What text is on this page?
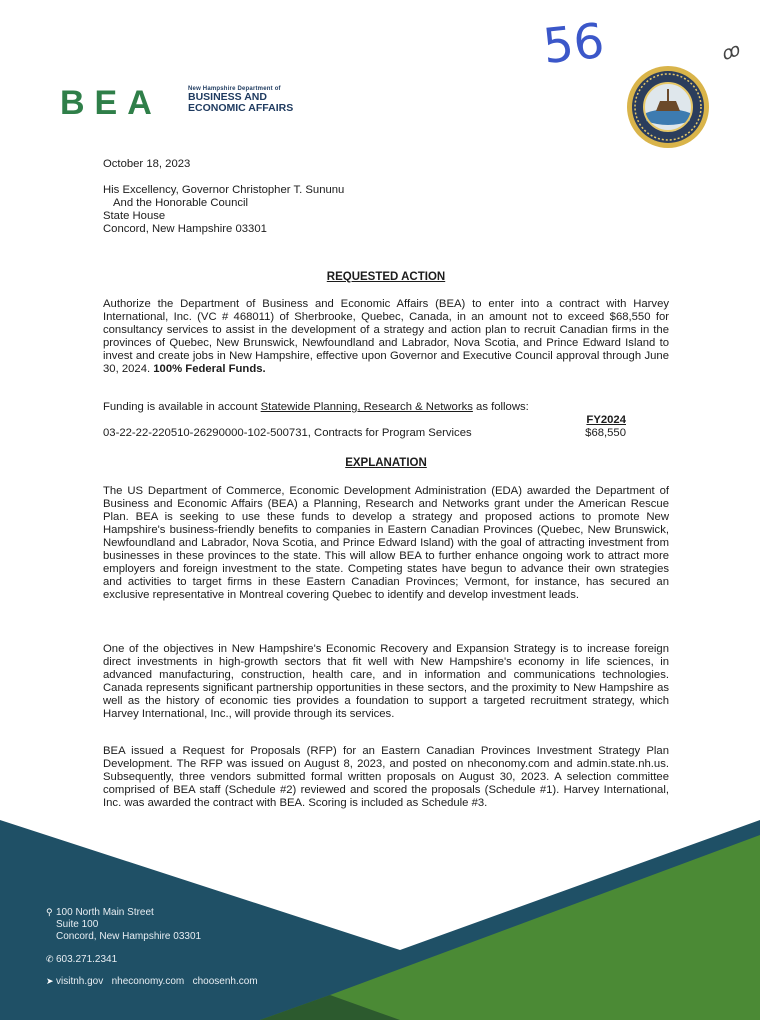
BEA	New Hampshire Department of
BUSINESS AND
ECONOMIC AFFAIRS
56	ꝏ
October 18, 2023
His Excellency, Governor Christopher T. Sununu
And the Honorable Council
State House
Concord, New Hampshire 03301
REQUESTED ACTION
Authorize the Department of Business and Economic Affairs (BEA) to enter into a contract with Harvey International, Inc. (VC # 468011) of Sherbrooke, Quebec, Canada, in an amount not to exceed $68,550 for consultancy services to assist in the development of a strategy and action plan to recruit Canadian firms in the provinces of Quebec, New Brunswick, Newfoundland and Labrador, Nova Scotia, and Prince Edward Island to invest and create jobs in New Hampshire, effective upon Governor and Executive Council approval through June 30, 2024. 100% Federal Funds.
Funding is available in account Statewide Planning, Research & Networks as follows:
03-22-22-220510-26290000-102-500731, Contracts for Program Services
FY2024
$68,550
EXPLANATION
The US Department of Commerce, Economic Development Administration (EDA) awarded the Department of Business and Economic Affairs (BEA) a Planning, Research and Networks grant under the American Rescue Plan. BEA is seeking to use these funds to develop a strategy and proposed actions to promote New Hampshire's business-friendly benefits to companies in Eastern Canadian Provinces (Quebec, New Brunswick, Newfoundland and Labrador, Nova Scotia, and Prince Edward Island) with the goal of attracting investment from businesses in these provinces to the state. This will allow BEA to further enhance ongoing work to attract more employers and foreign investment to the state. Competing states have begun to advance their own strategies and activities to target firms in these Eastern Canadian Provinces; Vermont, for instance, has secured an exclusive representative in Montreal covering Quebec to identify and develop investment leads.
One of the objectives in New Hampshire's Economic Recovery and Expansion Strategy is to increase foreign direct investments in high-growth sectors that fit well with New Hampshire's economy in life sciences, in advanced manufacturing, construction, health care, and in information and communications technologies. Canada represents significant partnership opportunities in these sectors, and the proximity to New Hampshire as well as the history of economic ties provides a foundation to support a targeted recruitment strategy, which Harvey International, Inc., will provide through its services.
BEA issued a Request for Proposals (RFP) for an Eastern Canadian Provinces Investment Strategy Plan Development. The RFP was issued on August 8, 2023, and posted on nheconomy.com and admin.state.nh.us. Subsequently, three vendors submitted formal written proposals on August 30, 2023. A selection committee comprised of BEA staff (Schedule #2) reviewed and scored the proposals (Schedule #1). Harvey International, Inc. was awarded the contract with BEA. Scoring is included as Schedule #3.
⚲ 100 North Main Street
Suite 100
Concord, New Hampshire 03301
✆ 603.271.2341
➤ visitnh.gov nheconomy.com choosenh.com
